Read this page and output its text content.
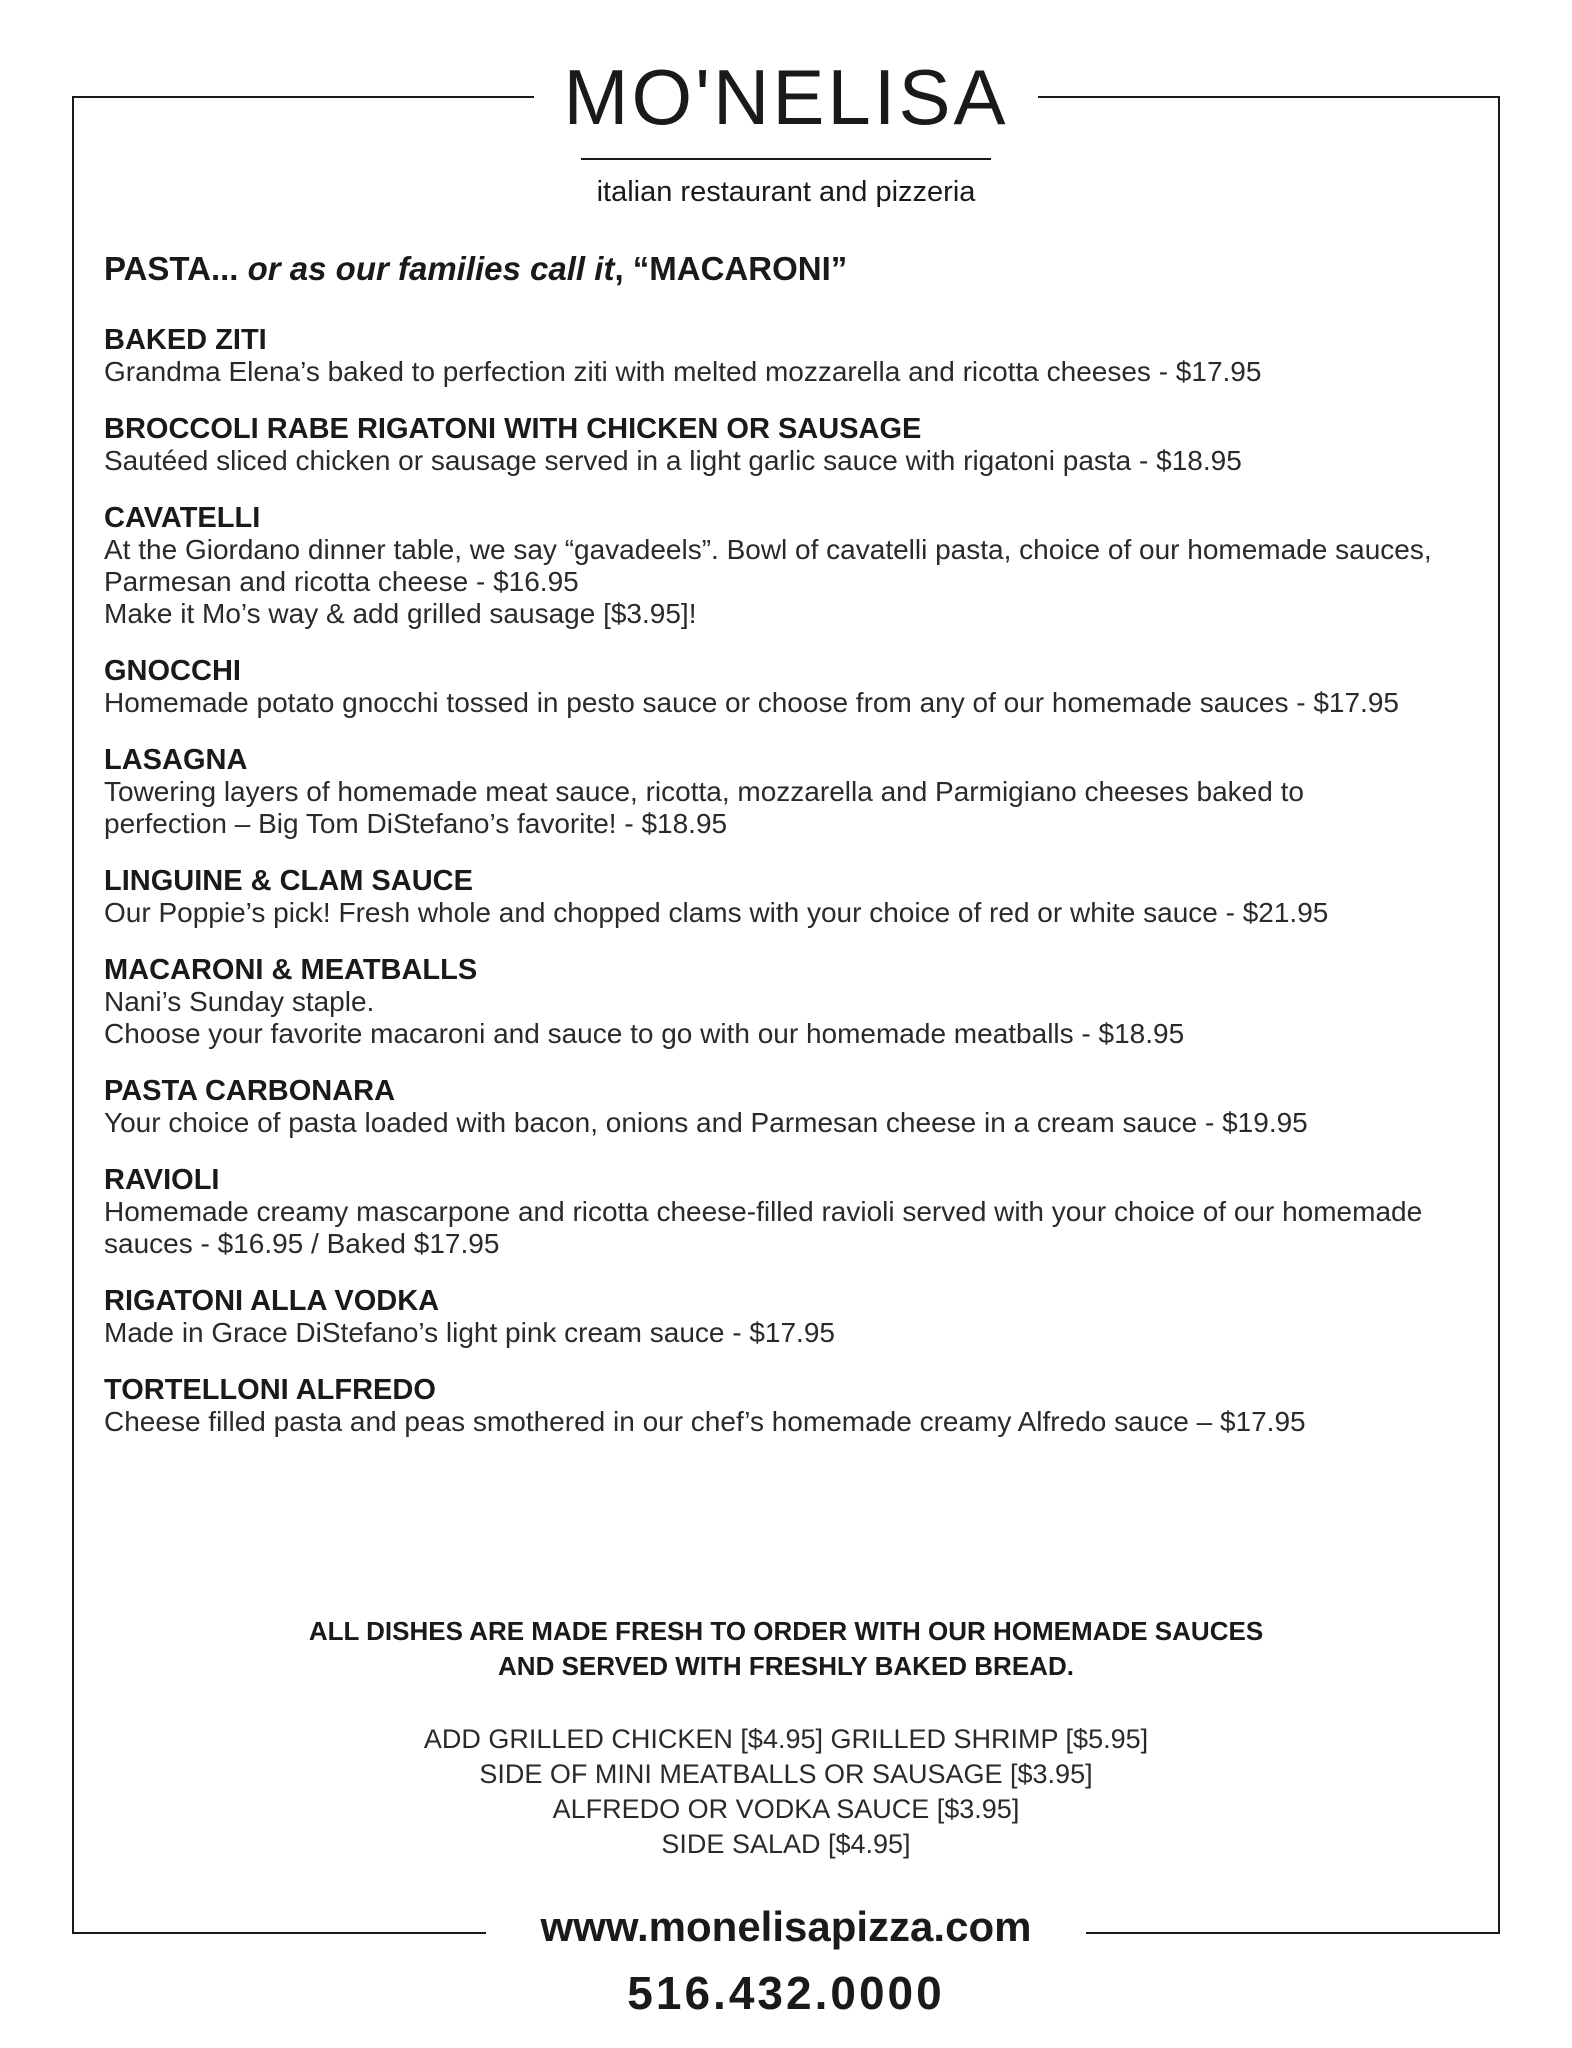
MO'NELISA
italian restaurant and pizzeria
PASTA... or as our families call it, “MACARONI”
BAKED ZITI
Grandma Elena’s baked to perfection ziti with melted mozzarella and ricotta cheeses - $17.95
BROCCOLI RABE RIGATONI WITH CHICKEN OR SAUSAGE
Sautéed sliced chicken or sausage served in a light garlic sauce with rigatoni pasta - $18.95
CAVATELLI
At the Giordano dinner table, we say “gavadeels”. Bowl of cavatelli pasta, choice of our homemade sauces, Parmesan and ricotta cheese - $16.95
Make it Mo’s way & add grilled sausage [$3.95]!
GNOCCHI
Homemade potato gnocchi tossed in pesto sauce or choose from any of our homemade sauces - $17.95
LASAGNA
Towering layers of homemade meat sauce, ricotta, mozzarella and Parmigiano cheeses baked to perfection – Big Tom DiStefano’s favorite! - $18.95
LINGUINE & CLAM SAUCE
Our Poppie’s pick! Fresh whole and chopped clams with your choice of red or white sauce - $21.95
MACARONI & MEATBALLS
Nani’s Sunday staple.
Choose your favorite macaroni and sauce to go with our homemade meatballs - $18.95
PASTA CARBONARA
Your choice of pasta loaded with bacon, onions and Parmesan cheese in a cream sauce - $19.95
RAVIOLI
Homemade creamy mascarpone and ricotta cheese-filled ravioli served with your choice of our homemade sauces - $16.95 / Baked $17.95
RIGATONI ALLA VODKA
Made in Grace DiStefano’s light pink cream sauce - $17.95
TORTELLONI ALFREDO
Cheese filled pasta and peas smothered in our chef’s homemade creamy Alfredo sauce – $17.95
ALL DISHES ARE MADE FRESH TO ORDER WITH OUR HOMEMADE SAUCES
AND SERVED WITH FRESHLY BAKED BREAD.
ADD GRILLED CHICKEN [$4.95] GRILLED SHRIMP [$5.95]
SIDE OF MINI MEATBALLS OR SAUSAGE [$3.95]
ALFREDO OR VODKA SAUCE [$3.95]
SIDE SALAD [$4.95]
www.monelisapizza.com
516.432.0000
